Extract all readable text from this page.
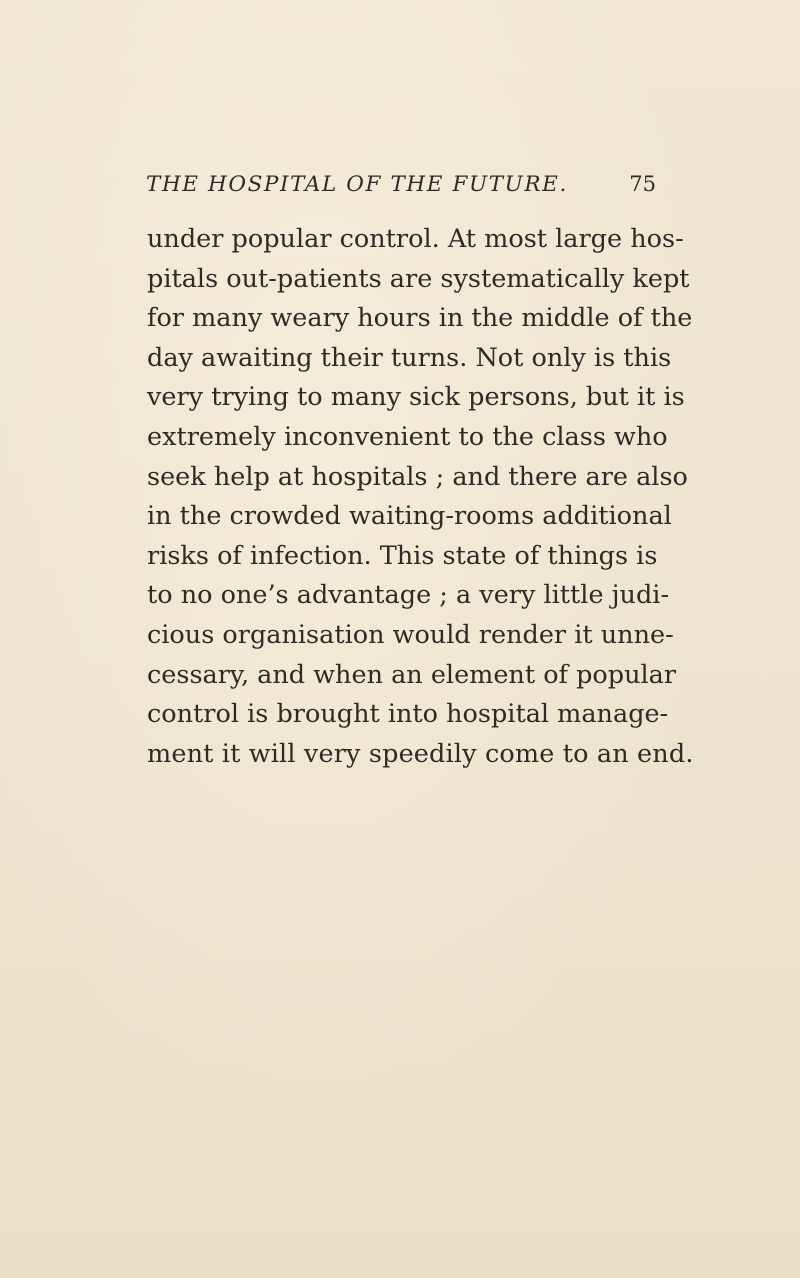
THE HOSPITAL OF THE FUTURE.	75
under popular control. At most large hos-
pitals out-patients are systematically kept
for many weary hours in the middle of the
day awaiting their turns. Not only is this
very trying to many sick persons, but it is
extremely inconvenient to the class who
seek help at hospitals ; and there are also
in the crowded waiting-rooms additional
risks of infection. This state of things is
to no one’s advantage ; a very little judi-
cious organisation would render it unne-
cessary, and when an element of popular
control is brought into hospital manage-
ment it will very speedily come to an end.
